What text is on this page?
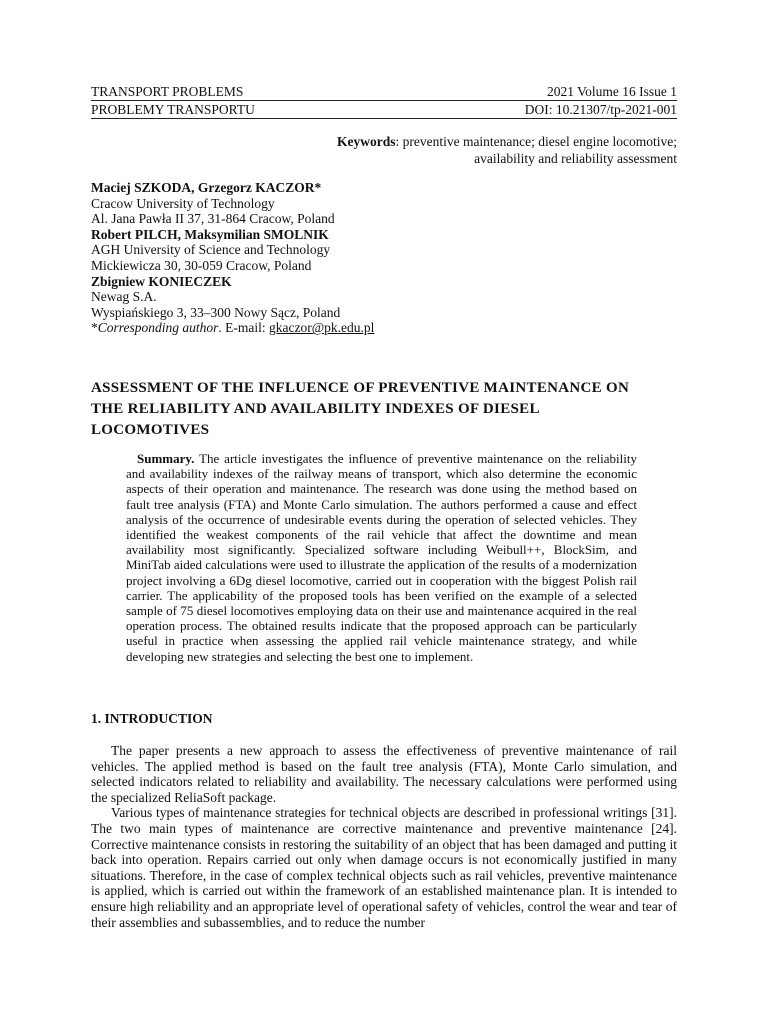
TRANSPORT PROBLEMS	2021 Volume 16 Issue 1
PROBLEMY TRANSPORTU	DOI: 10.21307/tp-2021-001
Keywords: preventive maintenance; diesel engine locomotive;
availability and reliability assessment
Maciej SZKODA, Grzegorz KACZOR*
Cracow University of Technology
Al. Jana Pawła II 37, 31-864 Cracow, Poland
Robert PILCH, Maksymilian SMOLNIK
AGH University of Science and Technology
Mickiewicza 30, 30-059 Cracow, Poland
Zbigniew KONIECZEK
Newag S.A.
Wyspiańskiego 3, 33–300 Nowy Sącz, Poland
*Corresponding author. E-mail: gkaczor@pk.edu.pl
ASSESSMENT OF THE INFLUENCE OF PREVENTIVE MAINTENANCE ON
THE RELIABILITY AND AVAILABILITY INDEXES OF DIESEL
LOCOMOTIVES
Summary. The article investigates the influence of preventive maintenance on the reliability and availability indexes of the railway means of transport, which also determine the economic aspects of their operation and maintenance. The research was done using the method based on fault tree analysis (FTA) and Monte Carlo simulation. The authors performed a cause and effect analysis of the occurrence of undesirable events during the operation of selected vehicles. They identified the weakest components of the rail vehicle that affect the downtime and mean availability most significantly. Specialized software including Weibull++, BlockSim, and MiniTab aided calculations were used to illustrate the application of the results of a modernization project involving a 6Dg diesel locomotive, carried out in cooperation with the biggest Polish rail carrier. The applicability of the proposed tools has been verified on the example of a selected sample of 75 diesel locomotives employing data on their use and maintenance acquired in the real operation process. The obtained results indicate that the proposed approach can be particularly useful in practice when assessing the applied rail vehicle maintenance strategy, and while developing new strategies and selecting the best one to implement.
1. INTRODUCTION

The paper presents a new approach to assess the effectiveness of preventive maintenance of rail vehicles. The applied method is based on the fault tree analysis (FTA), Monte Carlo simulation, and selected indicators related to reliability and availability. The necessary calculations were performed using the specialized ReliaSoft package.

Various types of maintenance strategies for technical objects are described in professional writings [31]. The two main types of maintenance are corrective maintenance and preventive maintenance [24]. Corrective maintenance consists in restoring the suitability of an object that has been damaged and putting it back into operation. Repairs carried out only when damage occurs is not economically justified in many situations. Therefore, in the case of complex technical objects such as rail vehicles, preventive maintenance is applied, which is carried out within the framework of an established maintenance plan. It is intended to ensure high reliability and an appropriate level of operational safety of vehicles, control the wear and tear of their assemblies and subassemblies, and to reduce the number
